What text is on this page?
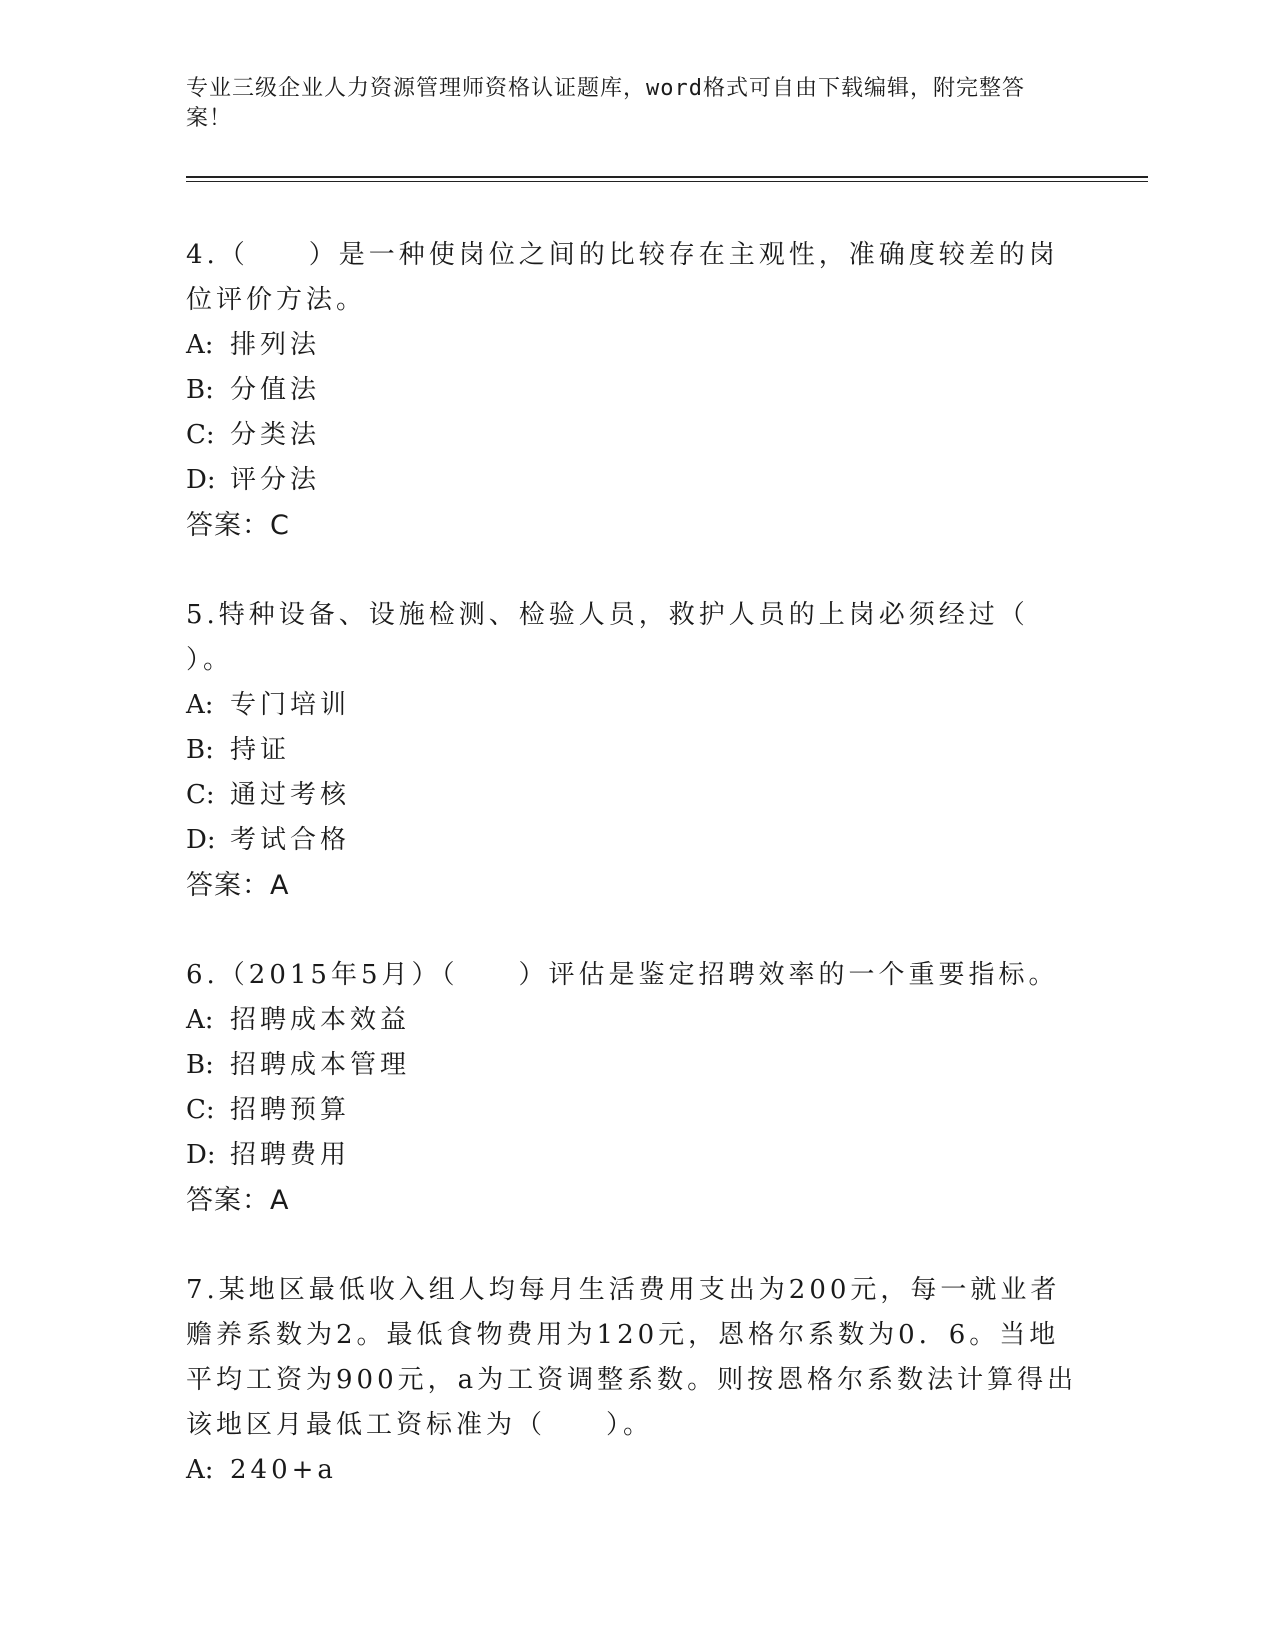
专业三级企业人力资源管理师资格认证题库，word格式可自由下载编辑，附完整答案！

4.（　　）是一种使岗位之间的比较存在主观性，准确度较差的岗位评价方法。

A: 排列法

B: 分值法

C: 分类法

D: 评分法

答案：C

5.特种设备、设施检测、检验人员，救护人员的上岗必须经过（ ）。

A: 专门培训

B: 持证

C: 通过考核

D: 考试合格

答案：A

6.（2015年5月）（　　）评估是鉴定招聘效率的一个重要指标。

A: 招聘成本效益

B: 招聘成本管理

C: 招聘预算

D: 招聘费用

答案：A

7.某地区最低收入组人均每月生活费用支出为200元，每一就业者赡养系数为2。最低食物费用为120元，恩格尔系数为0．6。当地平均工资为900元，a为工资调整系数。则按恩格尔系数法计算得出该地区月最低工资标准为（　　）。

A: 240+a
